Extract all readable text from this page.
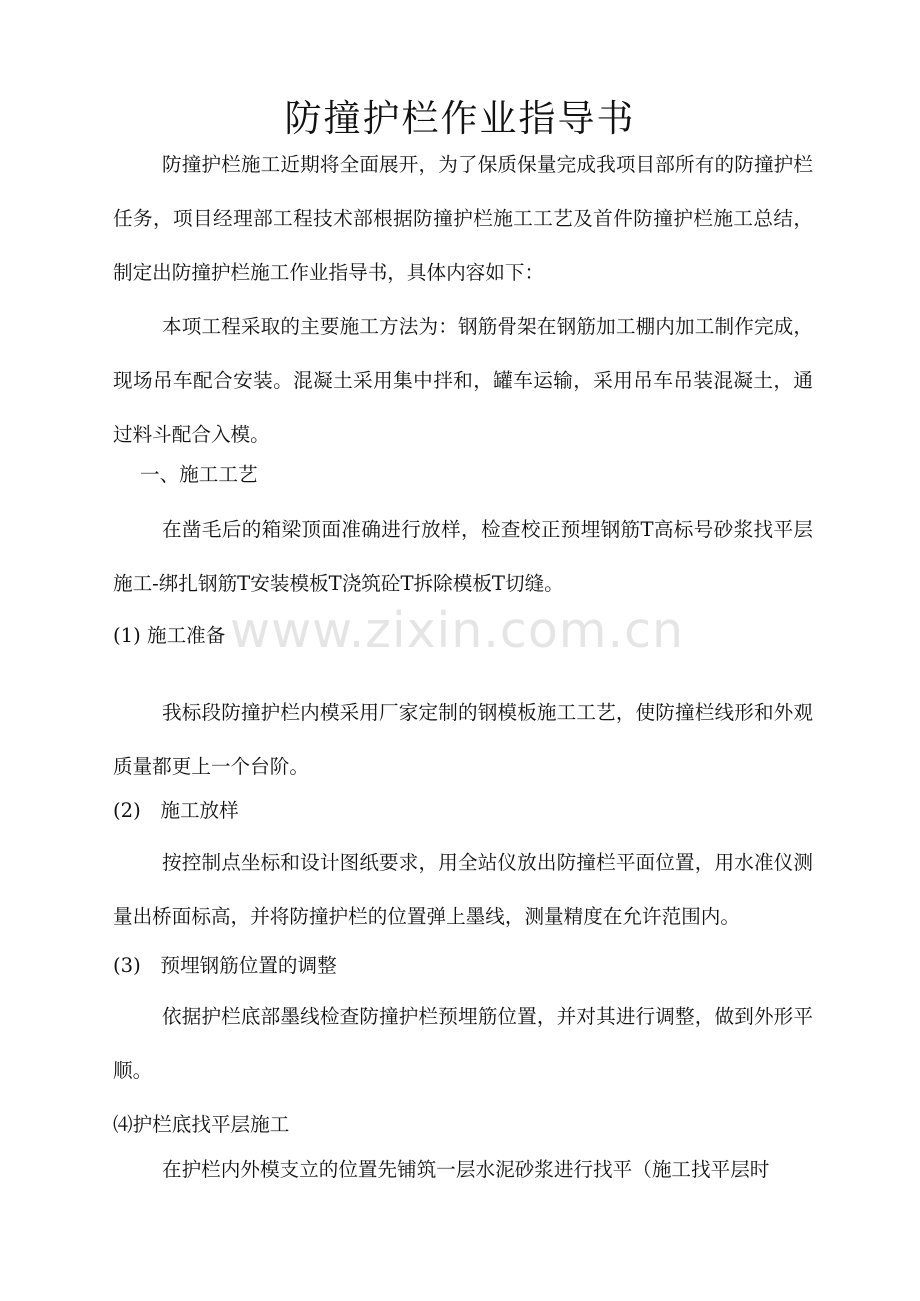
防撞护栏作业指导书

防撞护栏施工近期将全面展开，为了保质保量完成我项目部所有的防撞护栏任务，项目经理部工程技术部根据防撞护栏施工工艺及首件防撞护栏施工总结，制定出防撞护栏施工作业指导书，具体内容如下：

本项工程采取的主要施工方法为：钢筋骨架在钢筋加工棚内加工制作完成，现场吊车配合安装。混凝土采用集中拌和，罐车运输，采用吊车吊装混凝土，通过料斗配合入模。

一、施工工艺

在凿毛后的箱梁顶面准确进行放样，检查校正预埋钢筋T高标号砂浆找平层施工-绑扎钢筋T安装模板T浇筑砼T拆除模板T切缝。

(1) 施工准备

我标段防撞护栏内模采用厂家定制的钢模板施工工艺，使防撞栏线形和外观质量都更上一个台阶。

(2)　施工放样

按控制点坐标和设计图纸要求，用全站仪放出防撞栏平面位置，用水准仪测量出桥面标高，并将防撞护栏的位置弹上墨线，测量精度在允许范围内。

(3)　预埋钢筋位置的调整

依据护栏底部墨线检查防撞护栏预埋筋位置，并对其进行调整，做到外形平顺。

⑷护栏底找平层施工

在护栏内外模支立的位置先铺筑一层水泥砂浆进行找平（施工找平层时

www.zixin.com.cn
